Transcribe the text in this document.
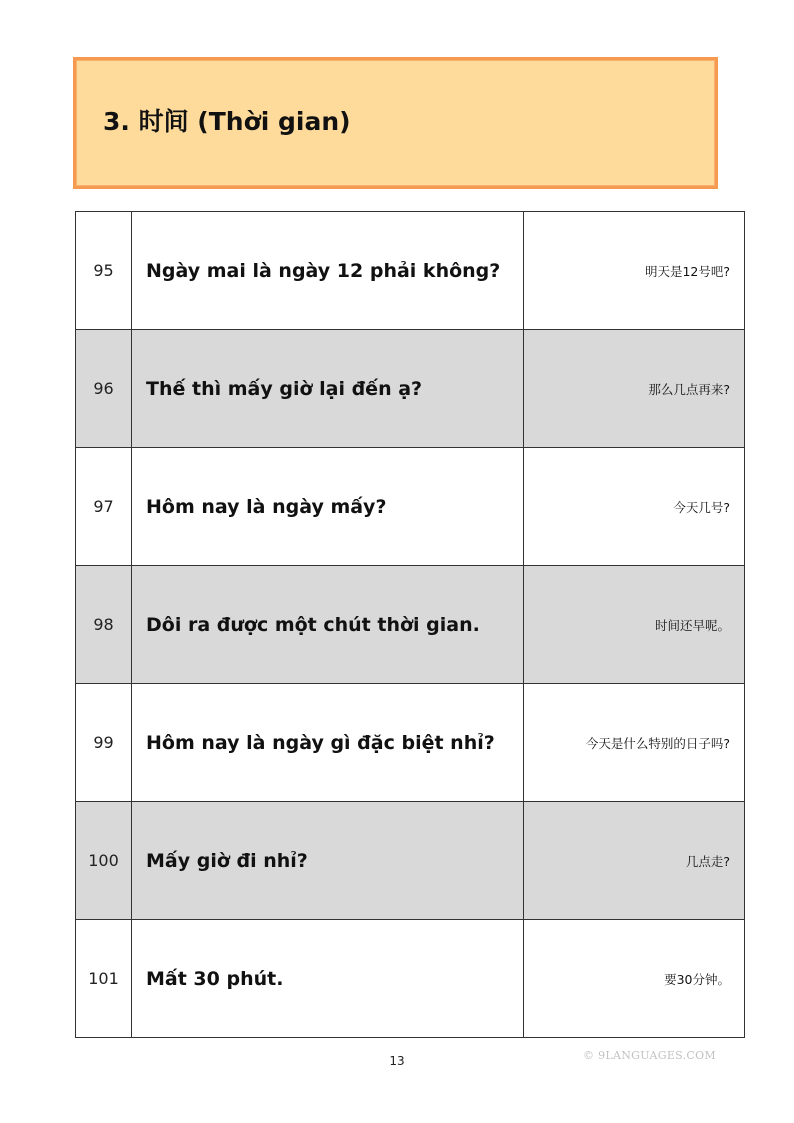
3. 时间 (Thời gian)
95	Ngày mai là ngày 12 phải không?	明天是12号吧?
96	Thế thì mấy giờ lại đến ạ?	那么几点再来?
97	Hôm nay là ngày mấy?	今天几号?
98	Dôi ra được một chút thời gian.	时间还早呢。
99	Hôm nay là ngày gì đặc biệt nhỉ?	今天是什么特别的日子吗?
100	Mấy giờ đi nhỉ?	几点走?
101	Mất 30 phút.	要30分钟。
13	© 9LANGUAGES.COM
